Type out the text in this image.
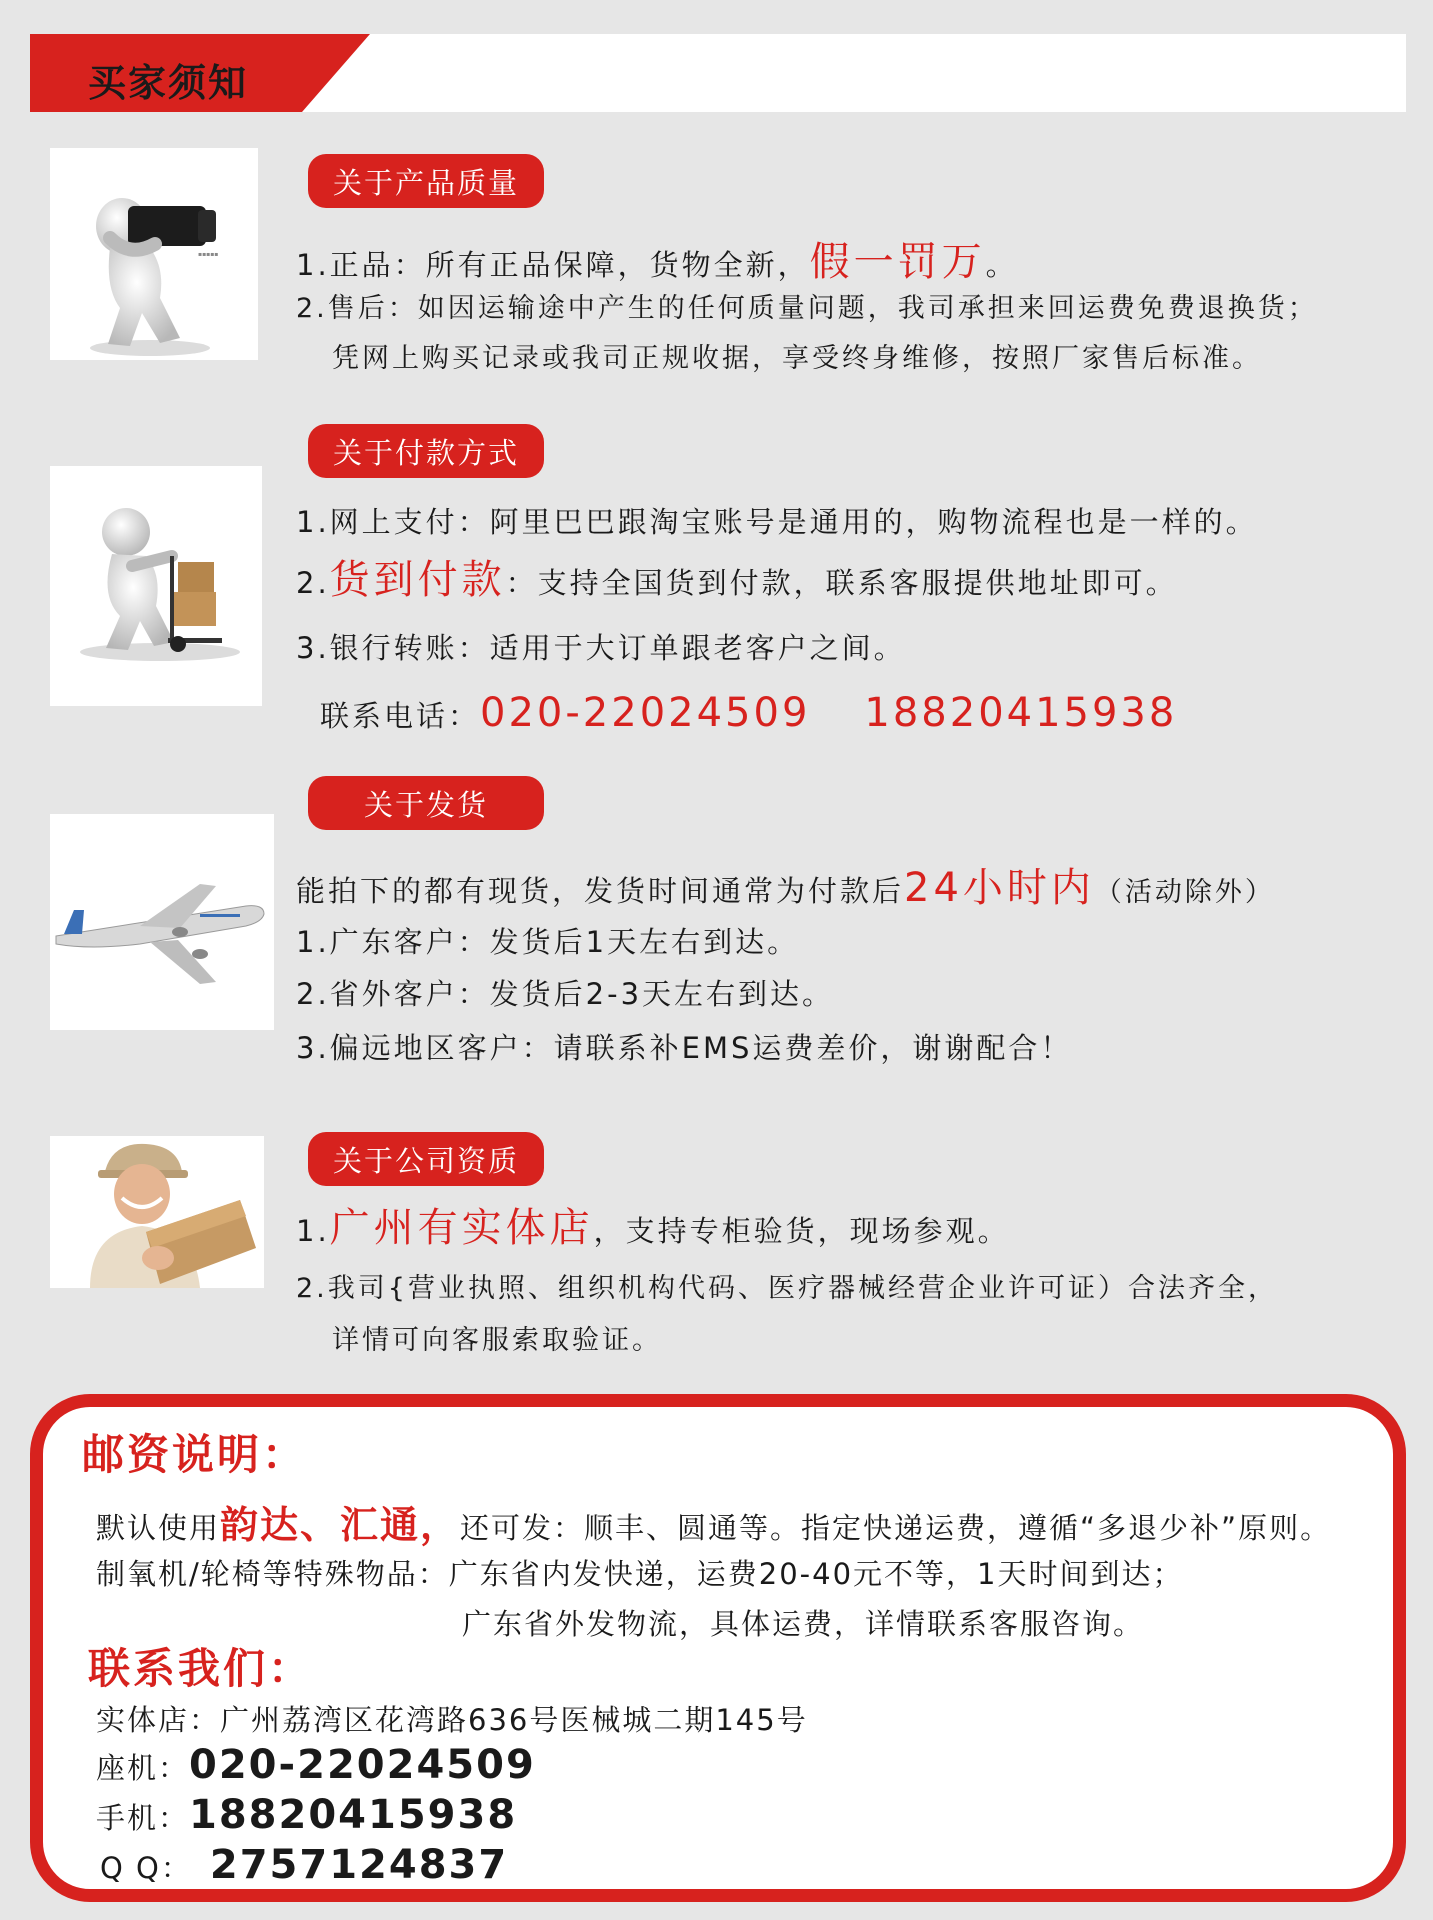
买家须知
▪▪▪▪▪
关于产品质量
1.正品：所有正品保障，货物全新，假一罚万。
2.售后：如因运输途中产生的任何质量问题，我司承担来回运费免费退换货；
凭网上购买记录或我司正规收据，享受终身维修，按照厂家售后标准。
关于付款方式
1.网上支付：阿里巴巴跟淘宝账号是通用的，购物流程也是一样的。
2.货到付款：支持全国货到付款，联系客服提供地址即可。
3.银行转账：适用于大订单跟老客户之间。
联系电话：020-22024509 18820415938
关于发货
能拍下的都有现货，发货时间通常为付款后24小时内（活动除外）
1.广东客户：发货后1天左右到达。
2.省外客户：发货后2-3天左右到达。
3.偏远地区客户：请联系补EMS运费差价，谢谢配合！
关于公司资质
1.广州有实体店，支持专柜验货，现场参观。
2.我司{营业执照、组织机构代码、医疗器械经营企业许可证）合法齐全，
详情可向客服索取验证。
邮资说明：
默认使用韵达、汇通，还可发：顺丰、圆通等。指定快递运费，遵循“多退少补”原则。
制氧机/轮椅等特殊物品：广东省内发快递，运费20-40元不等，1天时间到达；
广东省外发物流，具体运费，详情联系客服咨询。
联系我们：
实体店：广州荔湾区花湾路636号医械城二期145号
座机：020-22024509
手机：18820415938
Q Q： 2757124837
